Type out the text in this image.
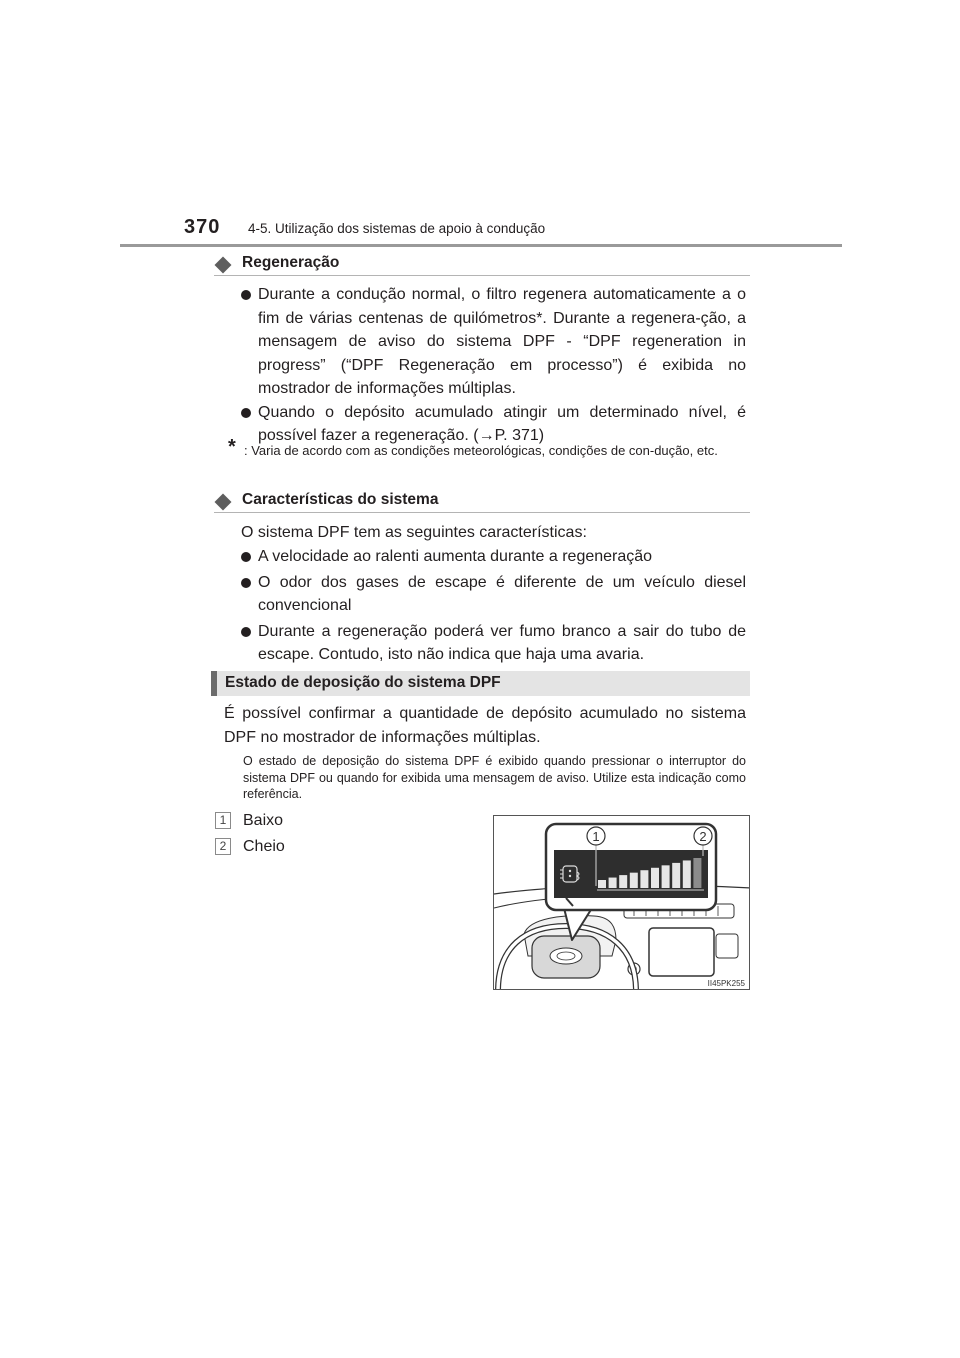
370 4-5. Utilização dos sistemas de apoio à condução
Regeneração
Durante a condução normal, o filtro regenera automaticamente a o fim de várias centenas de quilómetros*. Durante a regenera-ção, a mensagem de aviso do sistema DPF - “DPF regeneration in progress” (“DPF Regeneração em processo”) é exibida no mostrador de informações múltiplas.
Quando o depósito acumulado atingir um determinado nível, é possível fazer a regeneração. (→P. 371)
* : Varia de acordo com as condições meteorológicas, condições de con-dução, etc.
Características do sistema
O sistema DPF tem as seguintes características:
A velocidade ao ralenti aumenta durante a regeneração
O odor dos gases de escape é diferente de um veículo diesel convencional
Durante a regeneração poderá ver fumo branco a sair do tubo de escape. Contudo, isto não indica que haja uma avaria.
Estado de deposição do sistema DPF
É possível confirmar a quantidade de depósito acumulado no sistema DPF no mostrador de informações múltiplas.
O estado de deposição do sistema DPF é exibido quando pressionar o interruptor do sistema DPF ou quando for exibida uma mensagem de aviso. Utilize esta indicação como referência.
1 Baixo
2 Cheio
1	2
II45PK255
